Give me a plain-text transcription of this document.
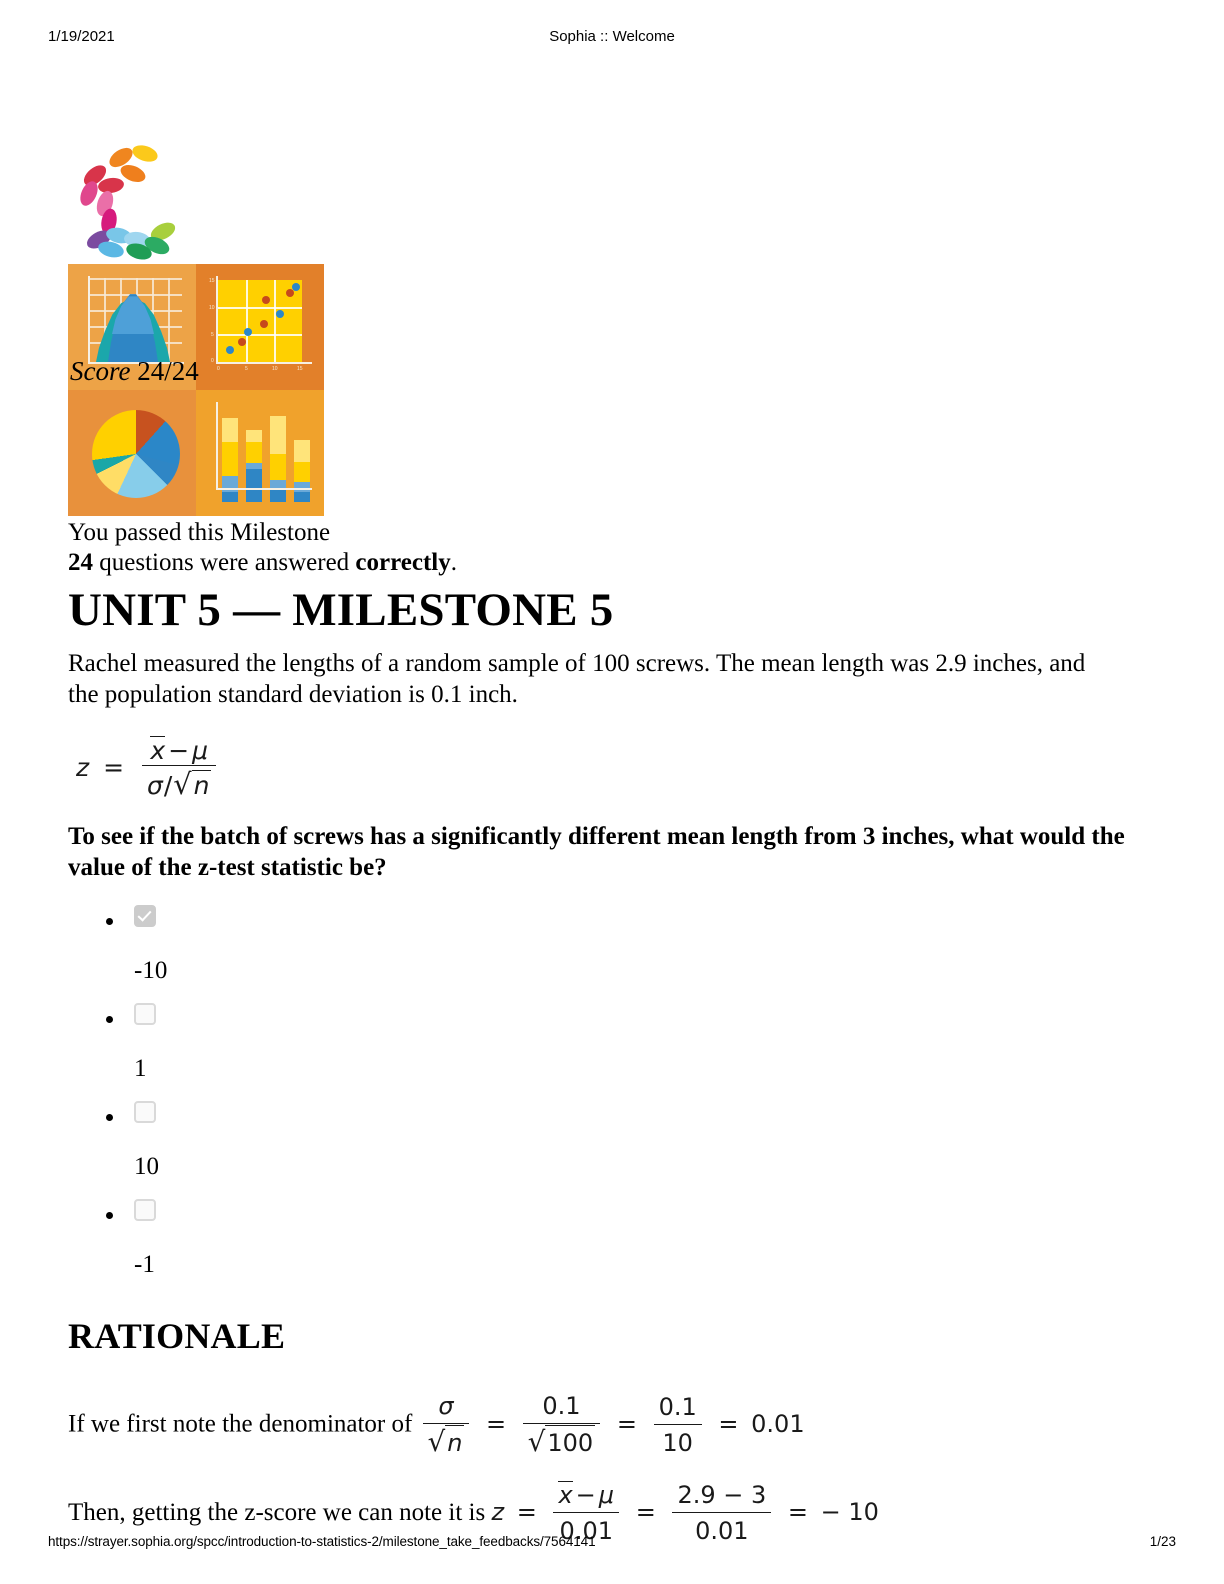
1/19/2021	Sophia :: Welcome
15
10
5
0
0	5	10	15
Score 24/24
You passed this Milestone
24 questions were answered correctly.
UNIT 5 — MILESTONE 5

Rachel measured the lengths of a random sample of 100 screws. The mean length was 2.9 inches, and the population standard deviation is 0.1 inch.

$z = \frac{x - \mu}{\sigma/√n}$

To see if the batch of screws has a significantly different mean length from 3 inches, what would the value of the z-test statistic be?

-10
1
10
-1
RATIONALE
If we first note the denominator of $\frac{\sigma}{√n} = \frac{0.1}{√100} = \frac{0.1}{10} = 0.01$
Then, getting the z-score we can note it is $z = \frac{x - \mu}{0.01} = \frac{2.9 - 3}{0.01}$ = − 10
https://strayer.sophia.org/spcc/introduction-to-statistics-2/milestone_take_feedbacks/7564141	1/23
